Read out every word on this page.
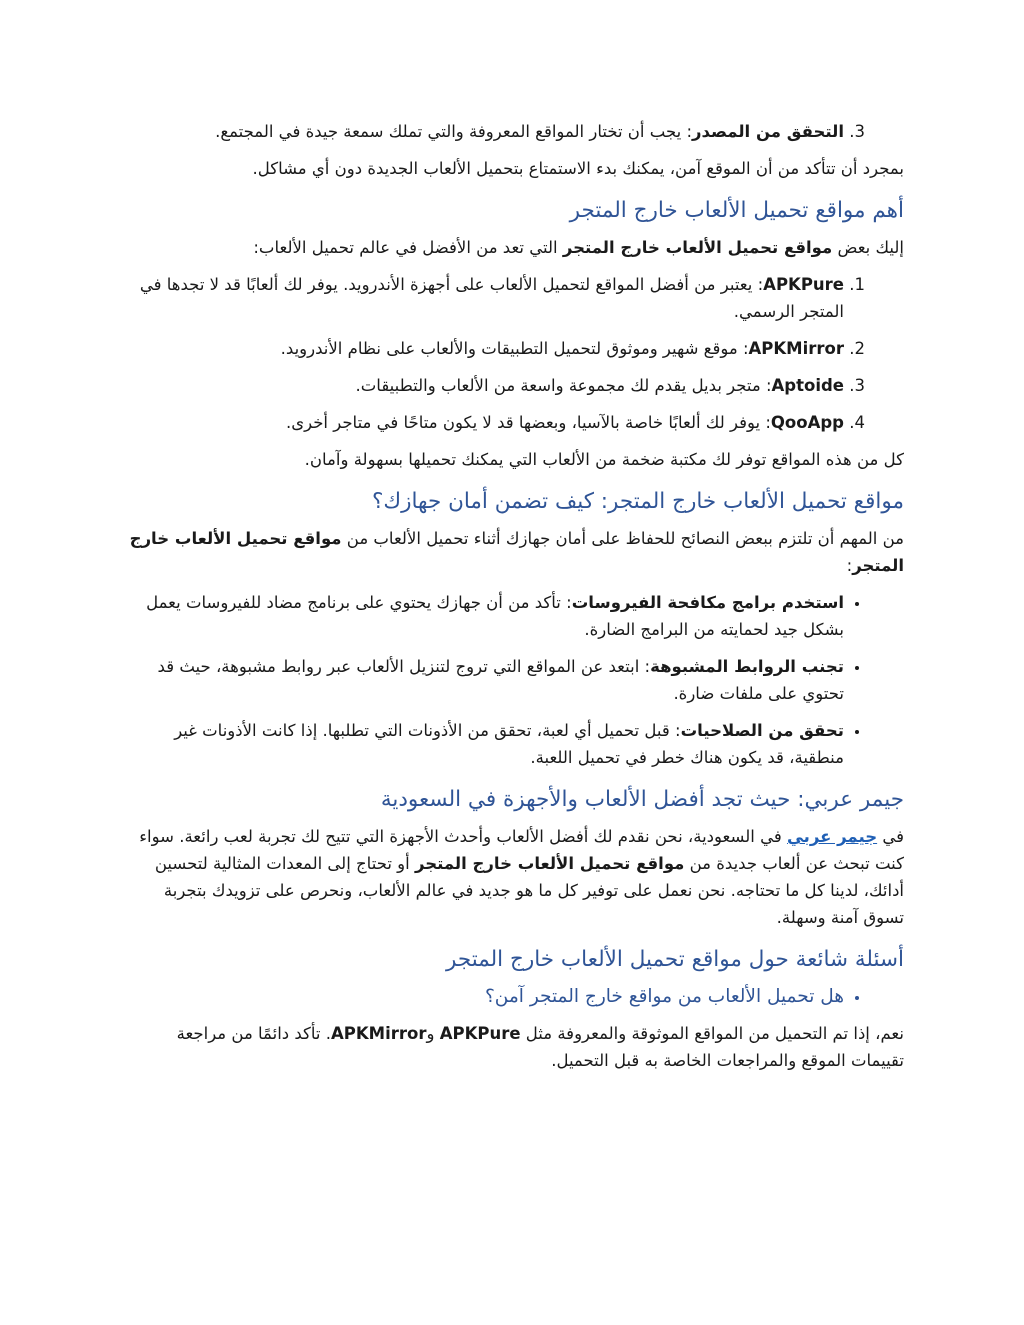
3. التحقق من المصدر: يجب أن تختار المواقع المعروفة والتي تملك سمعة جيدة في المجتمع.

بمجرد أن تتأكد من أن الموقع آمن، يمكنك بدء الاستمتاع بتحميل الألعاب الجديدة دون أي مشاكل.

أهم مواقع تحميل الألعاب خارج المتجر

إليك بعض مواقع تحميل الألعاب خارج المتجر التي تعد من الأفضل في عالم تحميل الألعاب:

1. APKPure: يعتبر من أفضل المواقع لتحميل الألعاب على أجهزة الأندرويد. يوفر لك ألعابًا قد لا تجدها في المتجر الرسمي.
2. APKMirror: موقع شهير وموثوق لتحميل التطبيقات والألعاب على نظام الأندرويد.
3. Aptoide: متجر بديل يقدم لك مجموعة واسعة من الألعاب والتطبيقات.
4. QooApp: يوفر لك ألعابًا خاصة بالآسيا، وبعضها قد لا يكون متاحًا في متاجر أخرى.

كل من هذه المواقع توفر لك مكتبة ضخمة من الألعاب التي يمكنك تحميلها بسهولة وآمان.

مواقع تحميل الألعاب خارج المتجر: كيف تضمن أمان جهازك؟

من المهم أن تلتزم ببعض النصائح للحفاظ على أمان جهازك أثناء تحميل الألعاب من مواقع تحميل الألعاب خارج المتجر:

• استخدم برامج مكافحة الفيروسات: تأكد من أن جهازك يحتوي على برنامج مضاد للفيروسات يعمل بشكل جيد لحمايته من البرامج الضارة.
• تجنب الروابط المشبوهة: ابتعد عن المواقع التي تروج لتنزيل الألعاب عبر روابط مشبوهة، حيث قد تحتوي على ملفات ضارة.
• تحقق من الصلاحيات: قبل تحميل أي لعبة، تحقق من الأذونات التي تطلبها. إذا كانت الأذونات غير منطقية، قد يكون هناك خطر في تحميل اللعبة.
جيمر عربي: حيث تجد أفضل الألعاب والأجهزة في السعودية

في جيمر عربي في السعودية، نحن نقدم لك أفضل الألعاب وأحدث الأجهزة التي تتيح لك تجربة لعب رائعة. سواء كنت تبحث عن ألعاب جديدة من مواقع تحميل الألعاب خارج المتجر أو تحتاج إلى المعدات المثالية لتحسين أدائك، لدينا كل ما تحتاجه. نحن نعمل على توفير كل ما هو جديد في عالم الألعاب، ونحرص على تزويدك بتجربة تسوق آمنة وسهلة.

أسئلة شائعة حول مواقع تحميل الألعاب خارج المتجر
• هل تحميل الألعاب من مواقع خارج المتجر آمن؟

نعم، إذا تم التحميل من المواقع الموثوقة والمعروفة مثل APKPure وAPKMirror. تأكد دائمًا من مراجعة تقييمات الموقع والمراجعات الخاصة به قبل التحميل.
